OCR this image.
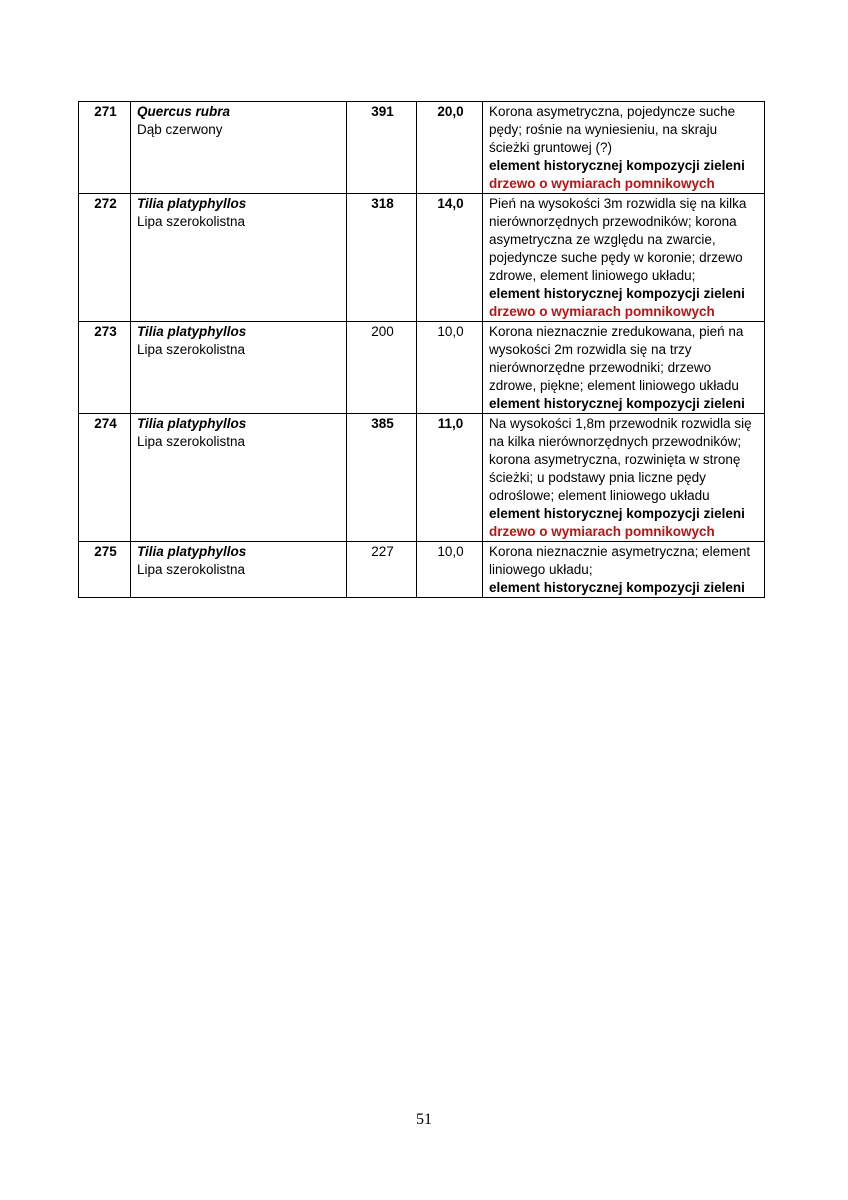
271	Quercus rubra
Dąb czerwony	391	20,0	Korona asymetryczna, pojedyncze suche pędy; rośnie na wyniesieniu, na skraju ścieżki gruntowej (?)
element historycznej kompozycji zieleni
drzewo o wymiarach pomnikowych

272	Tilia platyphyllos
Lipa szerokolistna	318	14,0	Pień na wysokości 3m rozwidla się na kilka nierównorzędnych przewodników; korona asymetryczna ze względu na zwarcie, pojedyncze suche pędy w koronie; drzewo zdrowe, element liniowego układu;
element historycznej kompozycji zieleni
drzewo o wymiarach pomnikowych

273	Tilia platyphyllos
Lipa szerokolistna	200	10,0	Korona nieznacznie zredukowana, pień na wysokości 2m rozwidla się na trzy nierównorzędne przewodniki; drzewo zdrowe, piękne; element liniowego układu
element historycznej kompozycji zieleni

274	Tilia platyphyllos
Lipa szerokolistna	385	11,0	Na wysokości 1,8m przewodnik rozwidla się na kilka nierównorzędnych przewodników; korona asymetryczna, rozwinięta w stronę ścieżki; u podstawy pnia liczne pędy odroślowe; element liniowego układu
element historycznej kompozycji zieleni
drzewo o wymiarach pomnikowych

275	Tilia platyphyllos
Lipa szerokolistna	227	10,0	Korona nieznacznie asymetryczna; element liniowego układu;
element historycznej kompozycji zieleni
51
